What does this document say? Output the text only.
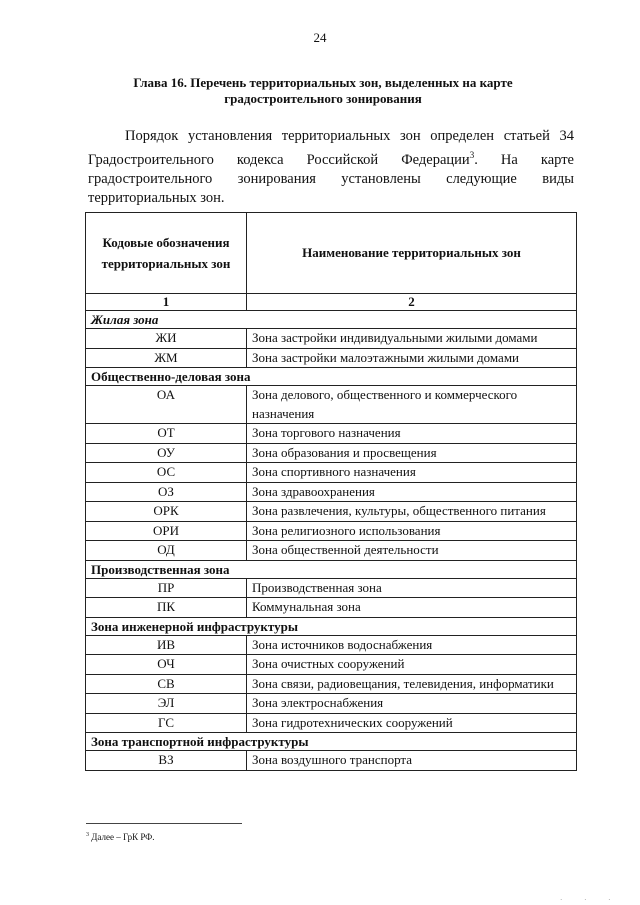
24
Глава 16. Перечень территориальных зон, выделенных на карте градостроительного зонирования

Порядок установления территориальных зон определен статьей 34 Градостроительного кодекса Российской Федерации$^3$. На карте градостроительного зонирования установлены следующие виды территориальных зон.

Кодовые обозначения территориальных зон	Наименование территориальных зон
1	2
Жилая зона	
ЖИ	Зона застройки индивидуальными жилыми домами
ЖМ	Зона застройки малоэтажными жилыми домами
Общественно-деловая зона	
ОА	Зона делового, общественного и коммерческого назначения
ОТ	Зона торгового назначения
ОУ	Зона образования и просвещения
ОС	Зона спортивного назначения
ОЗ	Зона здравоохранения
ОРК	Зона развлечения, культуры, общественного питания
ОРИ	Зона религиозного использования
ОД	Зона общественной деятельности
Производственная зона	
ПР	Производственная зона
ПК	Коммунальная зона
Зона инженерной инфраструктуры	
ИВ	Зона источников водоснабжения
ОЧ	Зона очистных сооружений
СВ	Зона связи, радиовещания, телевидения, информатики
ЭЛ	Зона электроснабжения
ГС	Зона гидротехнических сооружений
Зона транспортной инфраструктуры	
ВЗ	Зона воздушного транспорта
$^3$ Далее – ГрК РФ.
· · ·
